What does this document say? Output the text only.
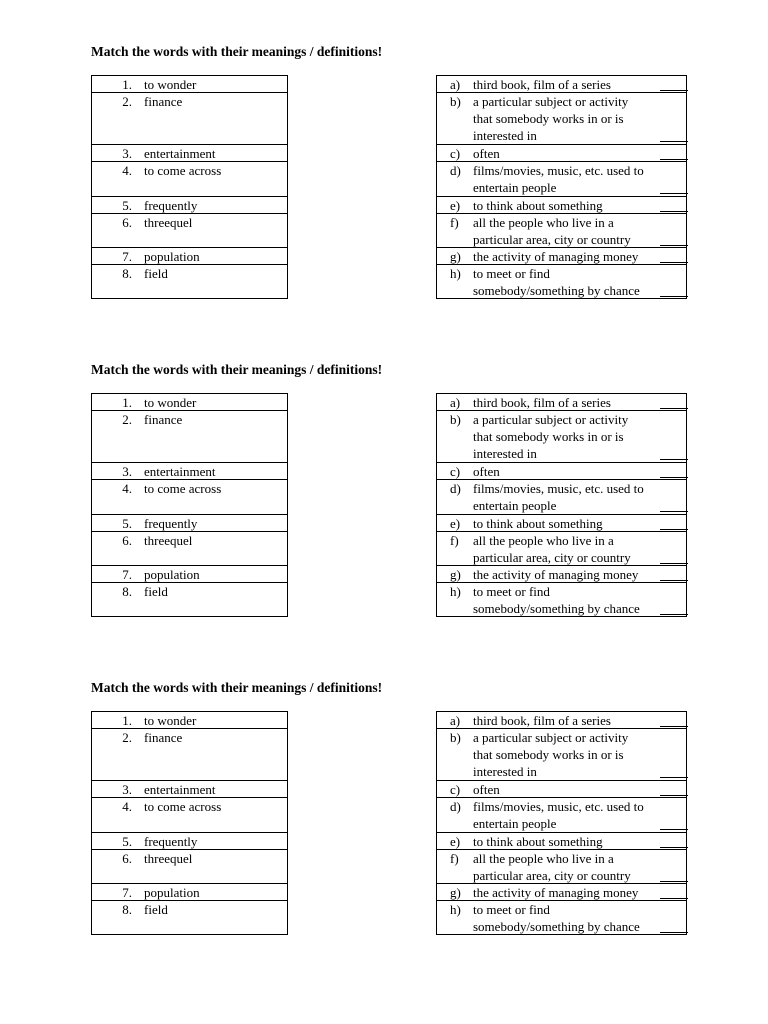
Match the words with their meanings / definitions!
1. to wonder
2. finance
3. entertainment
4. to come across
5. frequently
6. threequel
7. population
8. field
a) third book, film of a series
b) a particular subject or activity
that somebody works in or is
interested in
c) often
d) films/movies, music, etc. used to
entertain people
e) to think about something
f) all the people who live in a
particular area, city or country
g) the activity of managing money
h) to meet or find
somebody/something by chance
Match the words with their meanings / definitions!
1. to wonder
2. finance
3. entertainment
4. to come across
5. frequently
6. threequel
7. population
8. field
a) third book, film of a series
b) a particular subject or activity
that somebody works in or is
interested in
c) often
d) films/movies, music, etc. used to
entertain people
e) to think about something
f) all the people who live in a
particular area, city or country
g) the activity of managing money
h) to meet or find
somebody/something by chance
Match the words with their meanings / definitions!
1. to wonder
2. finance
3. entertainment
4. to come across
5. frequently
6. threequel
7. population
8. field
a) third book, film of a series
b) a particular subject or activity
that somebody works in or is
interested in
c) often
d) films/movies, music, etc. used to
entertain people
e) to think about something
f) all the people who live in a
particular area, city or country
g) the activity of managing money
h) to meet or find
somebody/something by chance
